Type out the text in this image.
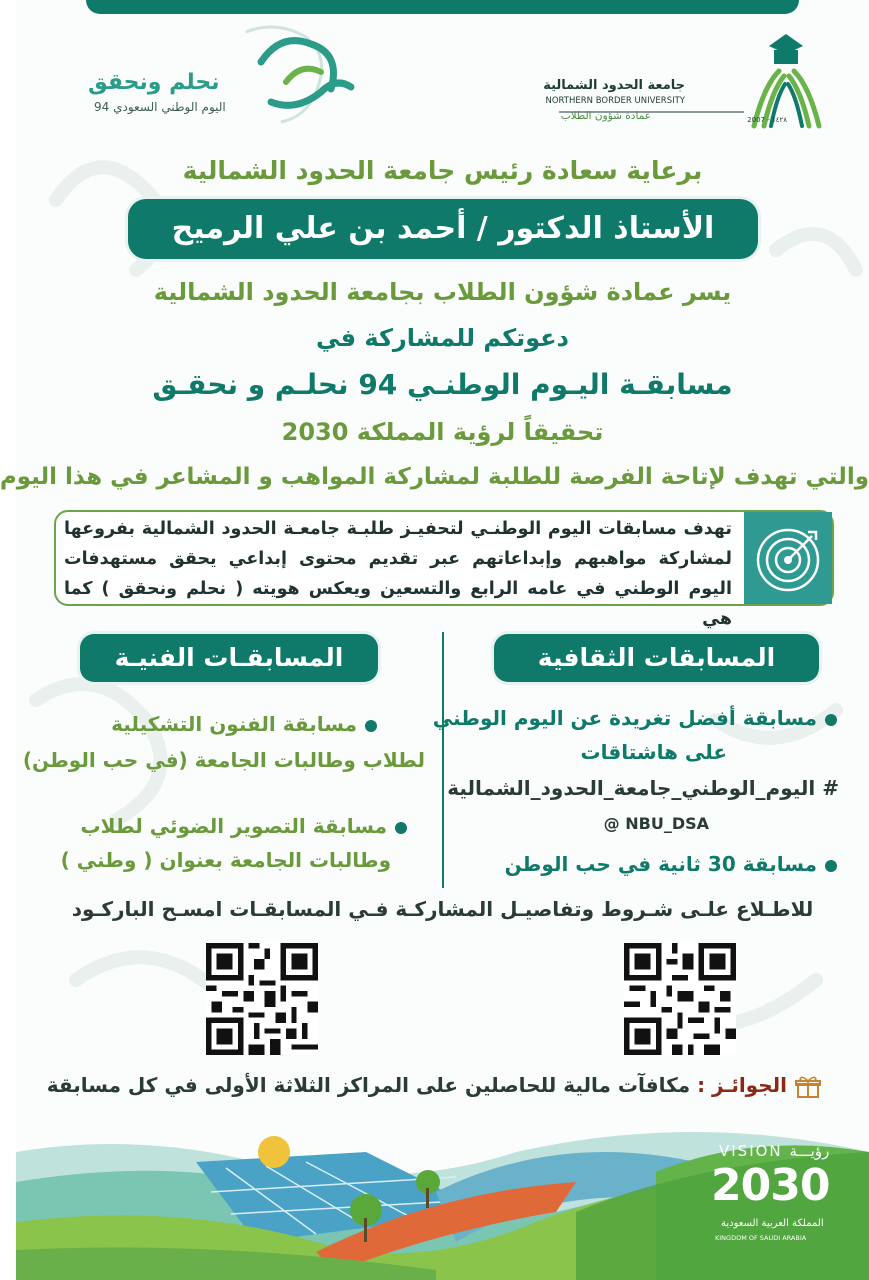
نحلم ونحقق
اليوم الوطني السعودي 94
جامعة الحدود الشمالية
NORTHERN BORDER UNIVERSITY
عمادة شؤون الطلاب	2007 - ١٤٢٨
برعاية سعادة رئيس جامعة الحدود الشمالية
الأستاذ الدكتور / أحمد بن علي الرميح
يسر عمادة شؤون الطلاب بجامعة الحدود الشمالية
دعوتكم للمشاركة في
مسابقـة اليـوم الوطنـي 94 نحلـم و نحقـق
تحقيقاً لرؤية المملكة 2030
والتي تهدف لإتاحة الفرصة للطلبة لمشاركة المواهب و المشاعر في هذا اليوم
تهدف مسابقات اليوم الوطنـي لتحفيـز طلبـة جامعـة الحدود الشمالية بفروعها
لمشاركة مواهبهم وإبداعاتهم عبر تقديم محتوى إبداعي يحقق مستهدفات
اليوم الوطني في عامه الرابع والتسعين ويعكس هويته ( نحلم ونحقق ) كما هي
المسابقات الثقافية
المسابقـات الفنيـة
مسابقة أفضل تغريدة عن اليوم الوطني
على هاشتاقات
# اليوم_الوطني_جامعة_الحدود_الشمالية
NBU_DSA @
مسابقة 30 ثانية في حب الوطن
مسابقة الفنون التشكيلية
لطلاب وطالبات الجامعة (في حب الوطن)
مسابقة التصوير الضوئي لطلاب
وطالبات الجامعة بعنوان ( وطني )
للاطـلاع علـى شـروط وتفاصيـل المشاركـة فـي المسابقـات امسـح الباركـود
الجوائـز : مكافآت مالية للحاصلين على المراكز الثلاثة الأولى في كل مسابقة
VISION رؤيـــة
2030
المملكة العربية السعودية
KINGDOM OF SAUDI ARABIA
